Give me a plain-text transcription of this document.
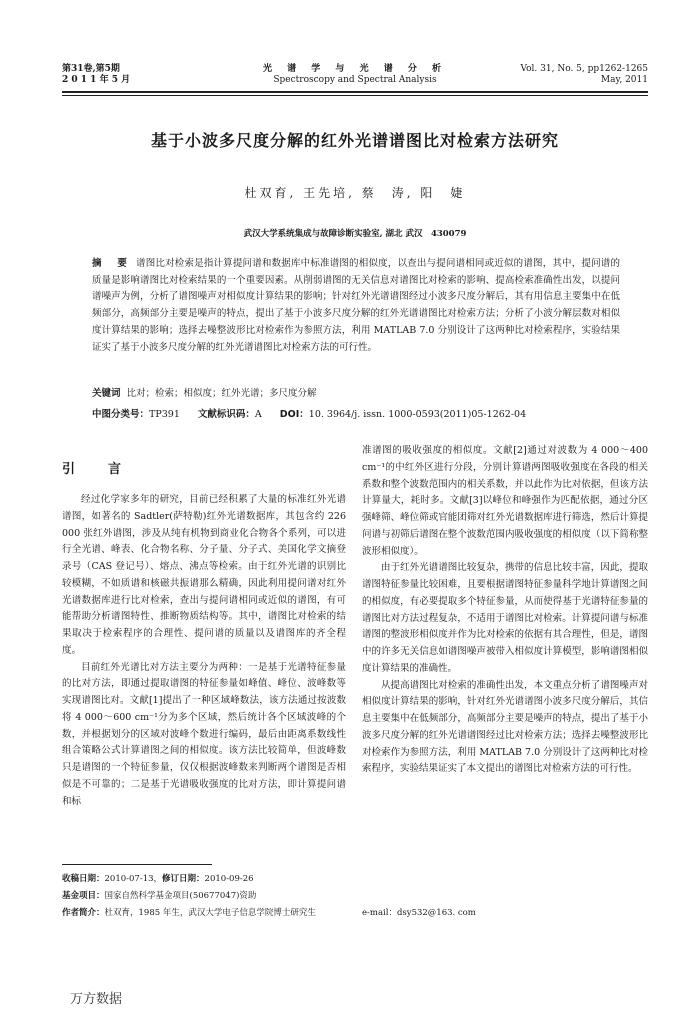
第31卷,第5期
2 0 1 1 年 5 月
光 谱 学 与 光 谱 分 析
Spectroscopy and Spectral Analysis
Vol. 31, No. 5, pp1262-1265
May, 2011
基于小波多尺度分解的红外光谱谱图比对检索方法研究
杜双育, 王先培, 蔡　涛, 阳　婕
武汉大学系统集成与故障诊断实验室, 湖北 武汉　430079
摘　要 谱图比对检索是指计算提问谱和数据库中标准谱图的相似度，以查出与提问谱相同或近似的谱图，其中，提问谱的质量是影响谱图比对检索结果的一个重要因素。从削弱谱图的无关信息对谱图比对检索的影响、提高检索准确性出发，以提问谱噪声为例，分析了谱图噪声对相似度计算结果的影响；针对红外光谱谱图经过小波多尺度分解后，其有用信息主要集中在低频部分，高频部分主要是噪声的特点，提出了基于小波多尺度分解的红外光谱谱图比对检索方法；分析了小波分解层数对相似度计算结果的影响；选择去噪整波形比对检索作为参照方法，利用 MATLAB 7.0 分别设计了这两种比对检索程序，实验结果证实了基于小波多尺度分解的红外光谱谱图比对检索方法的可行性。
关键词 比对；检索；相似度；红外光谱；多尺度分解
中图分类号：TP391 文献标识码：A DOI：10. 3964/j. issn. 1000-0593(2011)05-1262-04
引　言

经过化学家多年的研究，目前已经积累了大量的标准红外光谱谱图，如著名的 Sadtler(萨特勒)红外光谱数据库，其包含约 226 000 张红外谱图，涉及从纯有机物到商业化合物各个系列，可以进行全光谱、峰表、化合物名称、分子量、分子式、美国化学文摘登录号（CAS 登记号）、熔点、沸点等检索。由于红外光谱的识别比较模糊，不如质谱和核磁共振谱那么精确，因此利用提问谱对红外光谱数据库进行比对检索，查出与提问谱相同或近似的谱图，有可能帮助分析谱图特性、推断物质结构等。其中，谱图比对检索的结果取决于检索程序的合理性、提问谱的质量以及谱图库的齐全程度。

目前红外光谱比对方法主要分为两种：一是基于光谱特征参量的比对方法，即通过提取谱图的特征参量如峰值、峰位、波峰数等实现谱图比对。文献[1]提出了一种区域峰数法，该方法通过按波数将 4 000～600 cm⁻¹分为多个区域，然后统计各个区域波峰的个数，并根据划分的区域对波峰个数进行编码，最后由距离系数线性组合策略公式计算谱图之间的相似度。该方法比较简单，但波峰数只是谱图的一个特征参量，仅仅根据波峰数来判断两个谱图是否相似是不可靠的；二是基于光谱吸收强度的比对方法，即计算提问谱和标

准谱图的吸收强度的相似度。文献[2]通过对波数为 4 000～400 cm⁻¹的中红外区进行分段，分别计算谱两图吸收强度在各段的相关系数和整个波数范围内的相关系数，并以此作为比对依据，但该方法计算量大，耗时多。文献[3]以峰位和峰强作为匹配依据，通过分区强峰筛、峰位筛或官能团筛对红外光谱数据库进行筛选，然后计算提问谱与初筛后谱图在整个波数范围内吸收强度的相似度（以下简称整波形相似度）。

由于红外光谱谱图比较复杂，携带的信息比较丰富，因此，提取谱图特征参量比较困难，且要根据谱图特征参量科学地计算谱图之间的相似度，有必要提取多个特征参量，从而使得基于光谱特征参量的谱图比对方法过程复杂，不适用于谱图比对检索。计算提问谱与标准谱图的整波形相似度并作为比对检索的依据有其合理性，但是，谱图中的许多无关信息如谱图噪声被带入相似度计算模型，影响谱图相似度计算结果的准确性。

从提高谱图比对检索的准确性出发，本文重点分析了谱图噪声对相似度计算结果的影响，针对红外光谱谱图小波多尺度分解后，其信息主要集中在低频部分，高频部分主要是噪声的特点，提出了基于小波多尺度分解的红外光谱谱图经过比对检索方法；选择去噪整波形比对检索作为参照方法，利用 MATLAB 7.0 分别设计了这两种比对检索程序，实验结果证实了本文提出的谱图比对检索方法的可行性。

收稿日期：2010-07-13，修订日期：2010-09-26
基金项目：国家自然科学基金项目(50677047)资助
作者简介：杜双育，1985 年生，武汉大学电子信息学院博士研究生	e-mail：dsy532@163. com
万方数据
